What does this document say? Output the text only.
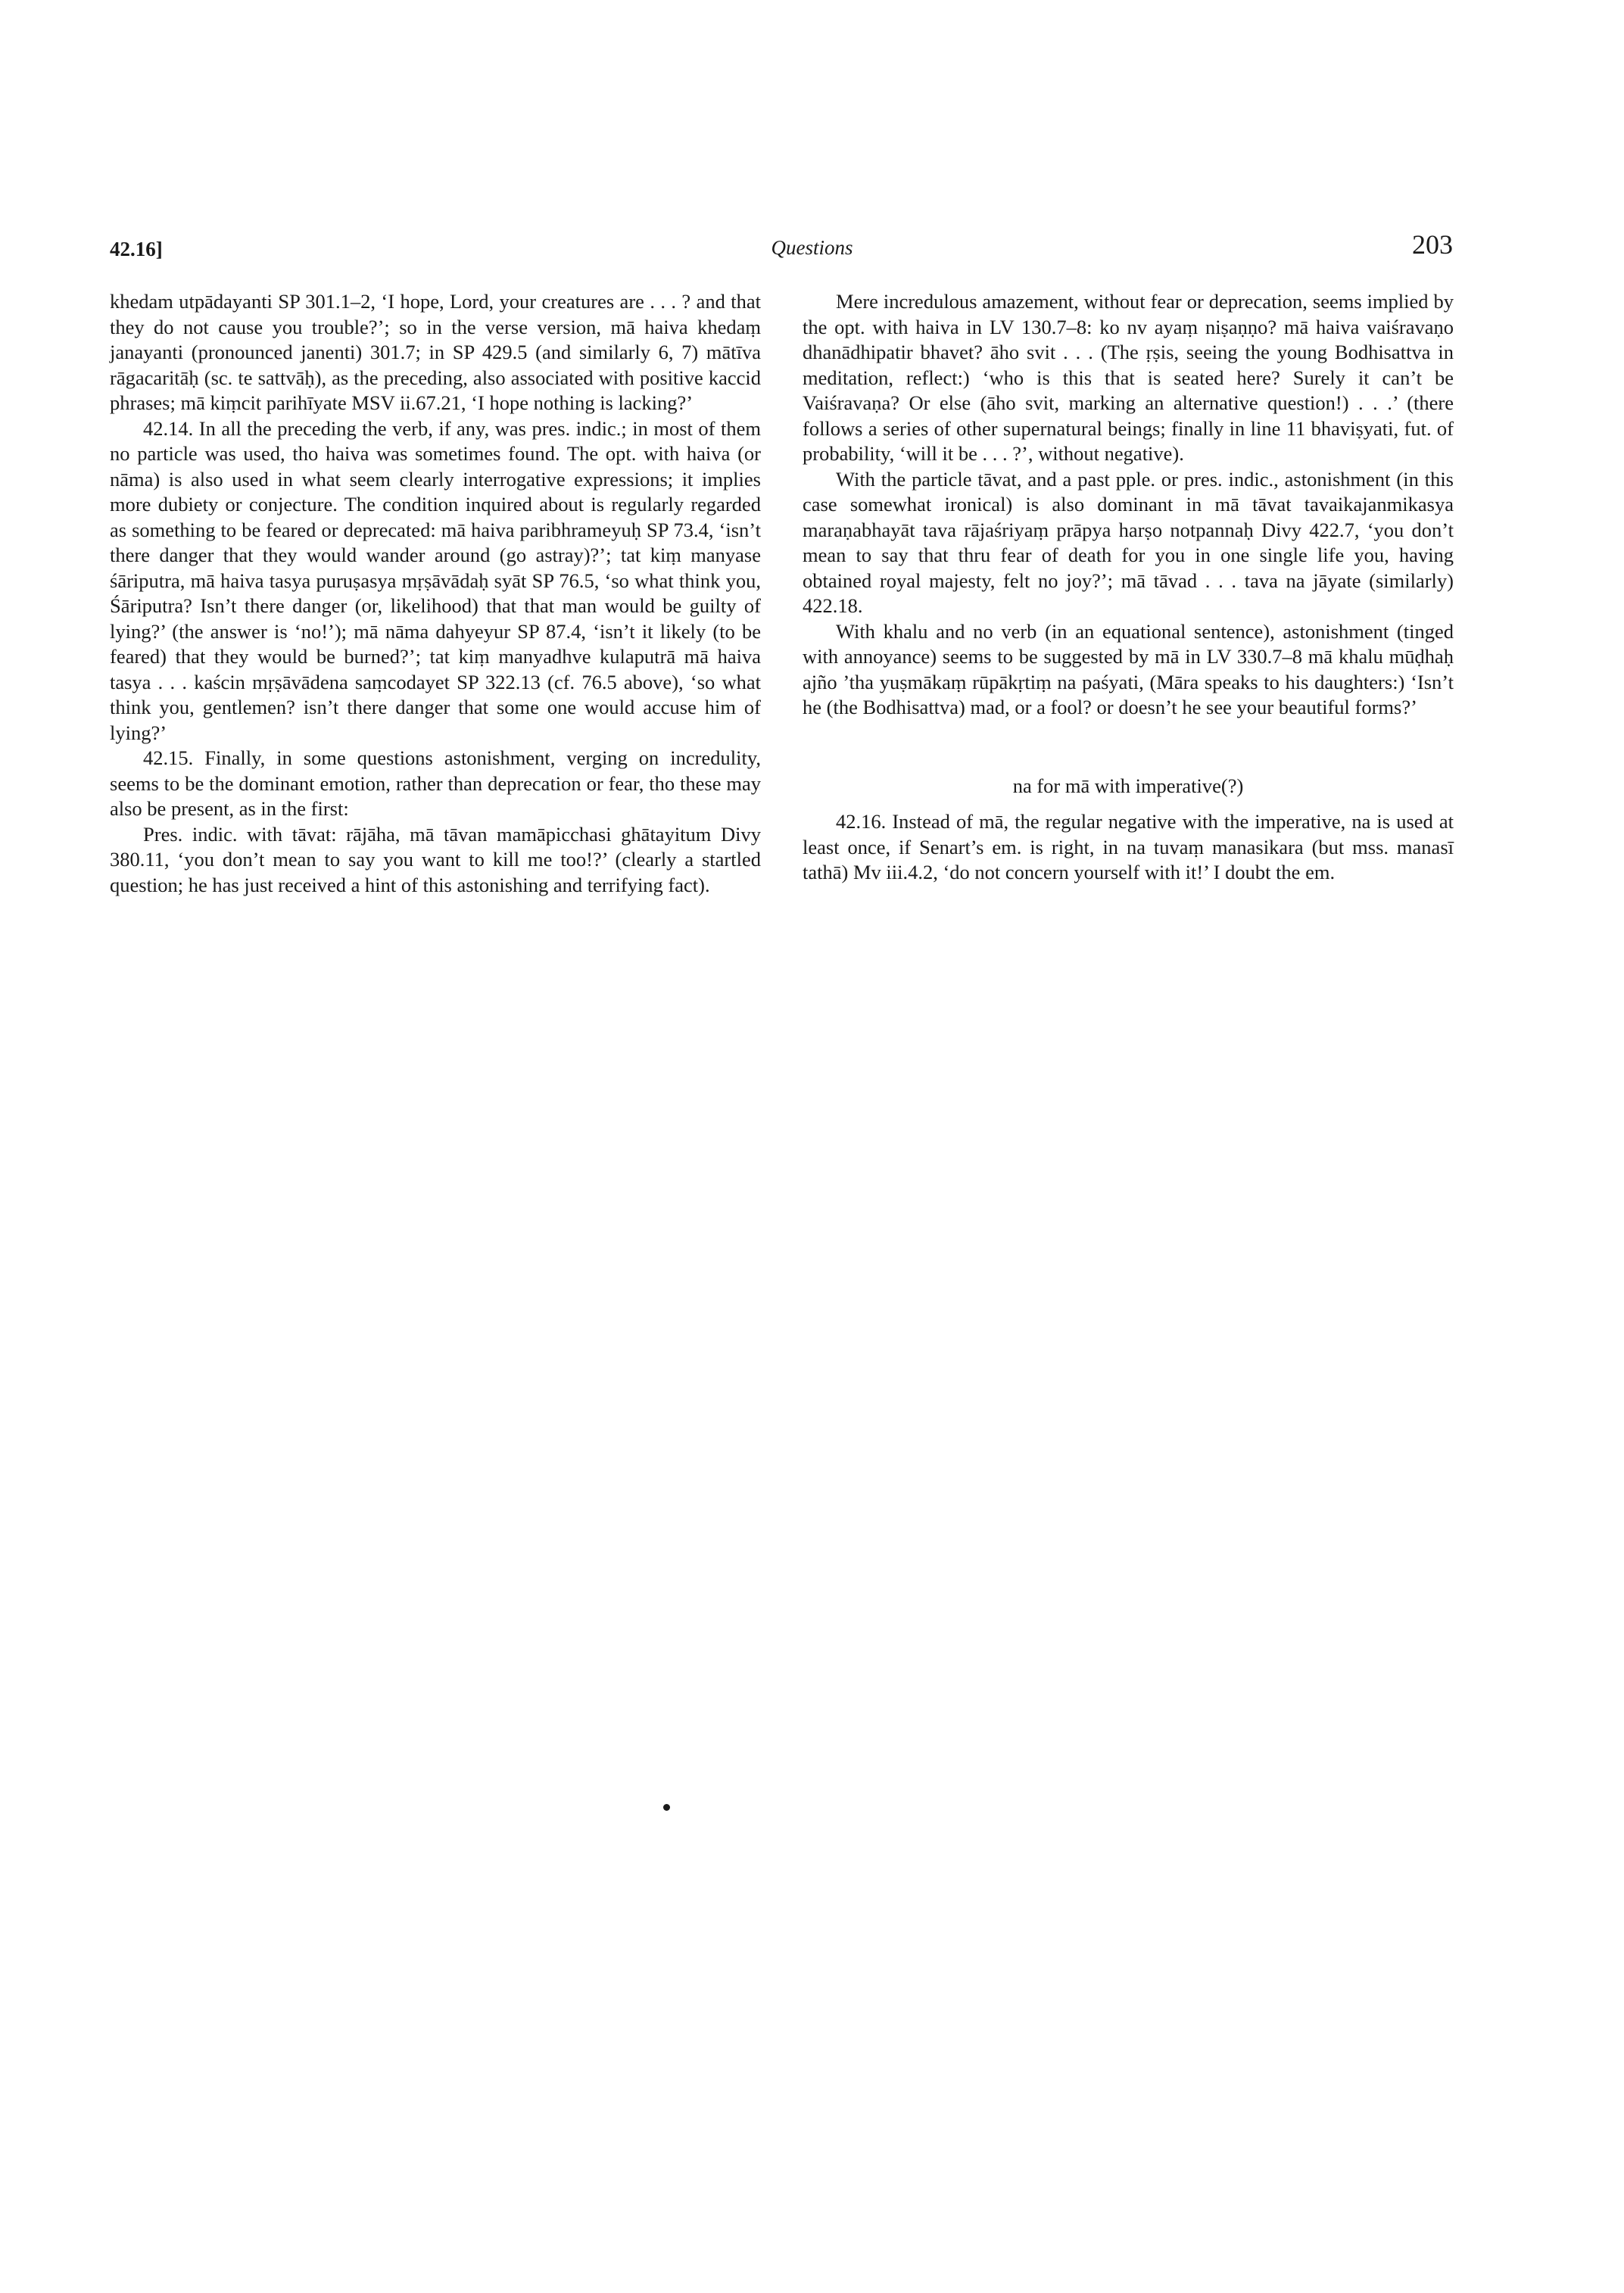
42.16]	Questions	203

khedam utpādayanti SP 301.1–2, ‘I hope, Lord, your creatures are . . . ? and that they do not cause you trouble?’; so in the verse version, mā haiva khedaṃ janayanti (pronounced janenti) 301.7; in SP 429.5 (and similarly 6, 7) mātīva rāgacaritāḥ (sc. te sattvāḥ), as the preceding, also associated with positive kaccid phrases; mā kiṃcit parihīyate MSV ii.67.21, ‘I hope nothing is lacking?’

42.14. In all the preceding the verb, if any, was pres. indic.; in most of them no particle was used, tho haiva was sometimes found. The opt. with haiva (or nāma) is also used in what seem clearly interrogative expressions; it implies more dubiety or conjecture. The condition inquired about is regularly regarded as something to be feared or deprecated: mā haiva paribhrameyuḥ SP 73.4, ‘isn’t there danger that they would wander around (go astray)?’; tat kiṃ manyase śāriputra, mā haiva tasya puruṣasya mṛṣāvādaḥ syāt SP 76.5, ‘so what think you, Śāriputra? Isn’t there danger (or, likelihood) that that man would be guilty of lying?’ (the answer is ‘no!’); mā nāma dahyeyur SP 87.4, ‘isn’t it likely (to be feared) that they would be burned?’; tat kiṃ manyadhve kulaputrā mā haiva tasya . . . kaścin mṛṣāvādena saṃcodayet SP 322.13 (cf. 76.5 above), ‘so what think you, gentlemen? isn’t there danger that some one would accuse him of lying?’

42.15. Finally, in some questions astonishment, verging on incredulity, seems to be the dominant emotion, rather than deprecation or fear, tho these may also be present, as in the first:

Pres. indic. with tāvat: rājāha, mā tāvan mamāpicchasi ghātayitum Divy 380.11, ‘you don’t mean to say you want to kill me too!?’ (clearly a startled question; he has just received a hint of this astonishing and terrifying fact).

Mere incredulous amazement, without fear or deprecation, seems implied by the opt. with haiva in LV 130.7–8: ko nv ayaṃ niṣaṇṇo? mā haiva vaiśravaṇo dhanādhipatir bhavet? āho svit . . . (The ṛṣis, seeing the young Bodhisattva in meditation, reflect:) ‘who is this that is seated here? Surely it can’t be Vaiśravaṇa? Or else (āho svit, marking an alternative question!) . . .’ (there follows a series of other supernatural beings; finally in line 11 bhaviṣyati, fut. of probability, ‘will it be . . . ?’, without negative).

With the particle tāvat, and a past pple. or pres. indic., astonishment (in this case somewhat ironical) is also dominant in mā tāvat tavaikajanmikasya maraṇabhayāt tava rājaśriyaṃ prāpya harṣo notpannaḥ Divy 422.7, ‘you don’t mean to say that thru fear of death for you in one single life you, having obtained royal majesty, felt no joy?’; mā tāvad . . . tava na jāyate (similarly) 422.18.

With khalu and no verb (in an equational sentence), astonishment (tinged with annoyance) seems to be suggested by mā in LV 330.7–8 mā khalu mūḍhaḥ ajño ’tha yuṣmākaṃ rūpākṛtiṃ na paśyati, (Māra speaks to his daughters:) ‘Isn’t he (the Bodhisattva) mad, or a fool? or doesn’t he see your beautiful forms?’

na for mā with imperative(?)

42.16. Instead of mā, the regular negative with the imperative, na is used at least once, if Senart’s em. is right, in na tuvaṃ manasikara (but mss. manasī tathā) Mv iii.4.2, ‘do not concern yourself with it!’ I doubt the em.
